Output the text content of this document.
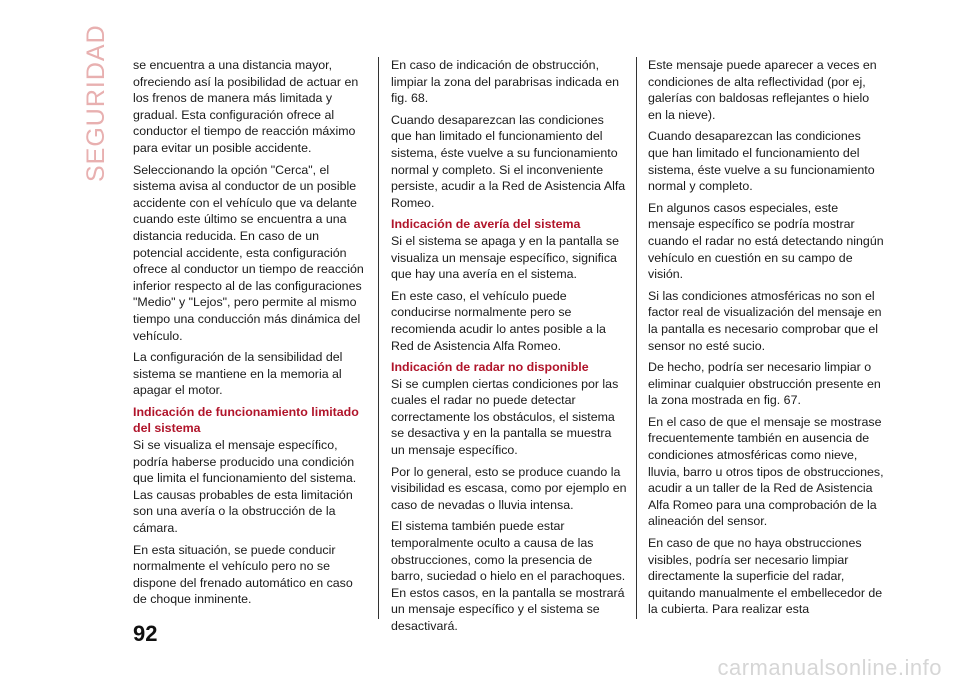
SEGURIDAD se encuentra a una distancia mayor, ofreciendo así la posibilidad de actuar en los frenos de manera más limitada y gradual. Esta configuración ofrece al conductor el tiempo de reacción máximo para evitar un posible accidente.

Seleccionando la opción "Cerca", el sistema avisa al conductor de un posible accidente con el vehículo que va delante cuando este último se encuentra a una distancia reducida. En caso de un potencial accidente, esta configuración ofrece al conductor un tiempo de reacción inferior respecto al de las configuraciones "Medio" y "Lejos", pero permite al mismo tiempo una conducción más dinámica del vehículo.

La configuración de la sensibilidad del sistema se mantiene en la memoria al apagar el motor.

Indicación de funcionamiento limitado del sistema

Si se visualiza el mensaje específico, podría haberse producido una condición que limita el funcionamiento del sistema. Las causas probables de esta limitación son una avería o la obstrucción de la cámara.

En esta situación, se puede conducir normalmente el vehículo pero no se dispone del frenado automático en caso de choque inminente.

En caso de indicación de obstrucción, limpiar la zona del parabrisas indicada en fig. 68.

Cuando desaparezcan las condiciones que han limitado el funcionamiento del sistema, éste vuelve a su funcionamiento normal y completo. Si el inconveniente persiste, acudir a la Red de Asistencia Alfa Romeo.

Indicación de avería del sistema

Si el sistema se apaga y en la pantalla se visualiza un mensaje específico, significa que hay una avería en el sistema.

En este caso, el vehículo puede conducirse normalmente pero se recomienda acudir lo antes posible a la Red de Asistencia Alfa Romeo.

Indicación de radar no disponible

Si se cumplen ciertas condiciones por las cuales el radar no puede detectar correctamente los obstáculos, el sistema se desactiva y en la pantalla se muestra un mensaje específico.

Por lo general, esto se produce cuando la visibilidad es escasa, como por ejemplo en caso de nevadas o lluvia intensa.

El sistema también puede estar temporalmente oculto a causa de las obstrucciones, como la presencia de barro, suciedad o hielo en el parachoques. En estos casos, en la pantalla se mostrará un mensaje específico y el sistema se desactivará.

Este mensaje puede aparecer a veces en condiciones de alta reflectividad (por ej, galerías con baldosas reflejantes o hielo en la nieve).

Cuando desaparezcan las condiciones que han limitado el funcionamiento del sistema, éste vuelve a su funcionamiento normal y completo.

En algunos casos especiales, este mensaje específico se podría mostrar cuando el radar no está detectando ningún vehículo en cuestión en su campo de visión.

Si las condiciones atmosféricas no son el factor real de visualización del mensaje en la pantalla es necesario comprobar que el sensor no esté sucio.

De hecho, podría ser necesario limpiar o eliminar cualquier obstrucción presente en la zona mostrada en fig. 67.

En el caso de que el mensaje se mostrase frecuentemente también en ausencia de condiciones atmosféricas como nieve, lluvia, barro u otros tipos de obstrucciones, acudir a un taller de la Red de Asistencia Alfa Romeo para una comprobación de la alineación del sensor.

En caso de que no haya obstrucciones visibles, podría ser necesario limpiar directamente la superficie del radar, quitando manualmente el embellecedor de la cubierta. Para realizar esta

92
carmanualsonline.info
